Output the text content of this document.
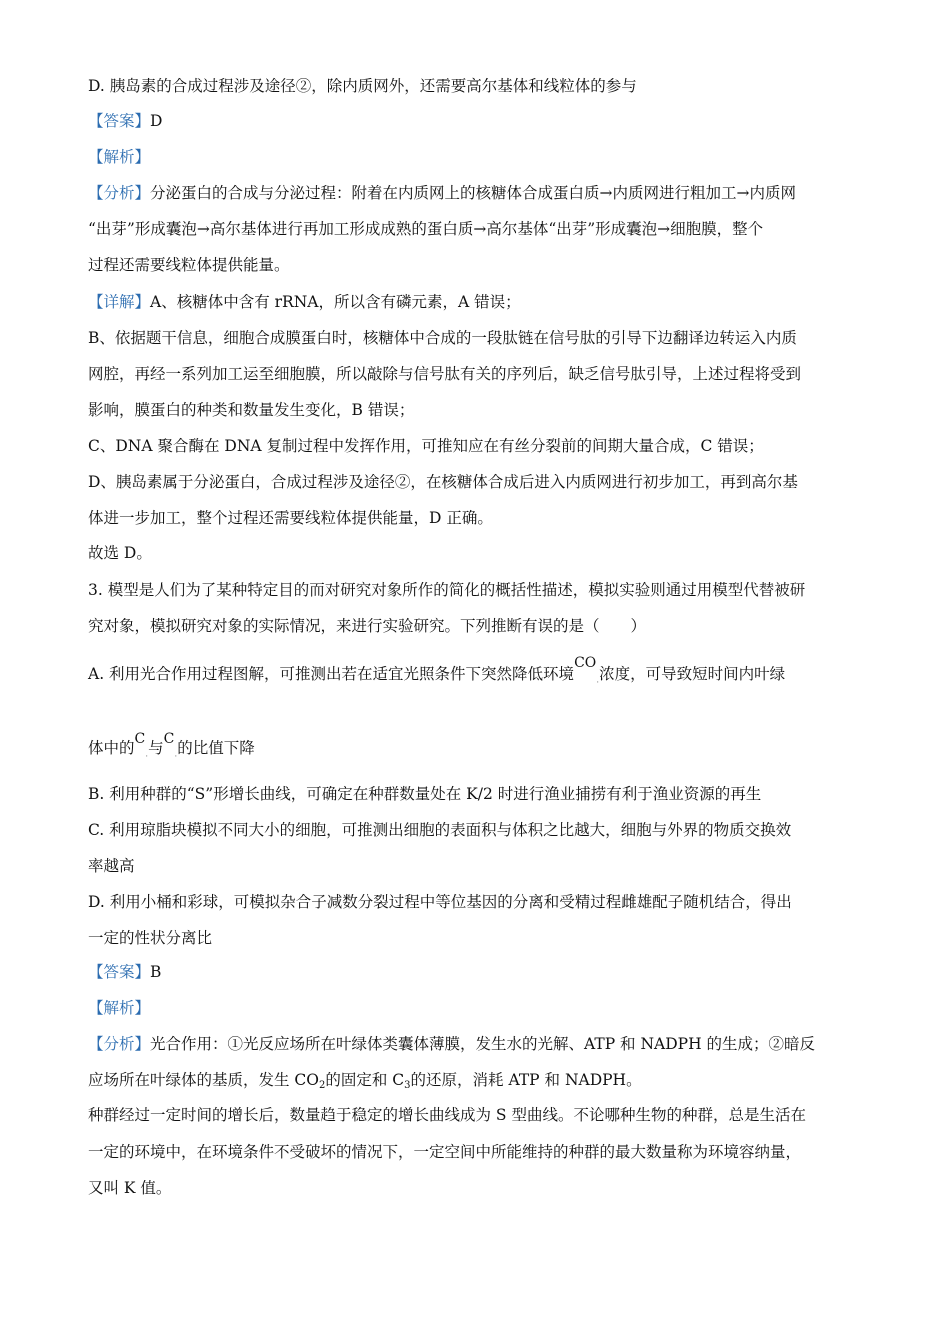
D. 胰岛素的合成过程涉及途径②，除内质网外，还需要高尔基体和线粒体的参与
【答案】D
【解析】
【分析】分泌蛋白的合成与分泌过程：附着在内质网上的核糖体合成蛋白质→内质网进行粗加工→内质网
“出芽”形成囊泡→高尔基体进行再加工形成成熟的蛋白质→高尔基体“出芽”形成囊泡→细胞膜，整个
过程还需要线粒体提供能量。
【详解】A、核糖体中含有 rRNA，所以含有磷元素，A 错误；
B、依据题干信息，细胞合成膜蛋白时，核糖体中合成的一段肽链在信号肽的引导下边翻译边转运入内质
网腔，再经一系列加工运至细胞膜，所以敲除与信号肽有关的序列后，缺乏信号肽引导，上述过程将受到
影响，膜蛋白的种类和数量发生变化，B 错误；
C、DNA 聚合酶在 DNA 复制过程中发挥作用，可推知应在有丝分裂前的间期大量合成，C 错误；
D、胰岛素属于分泌蛋白，合成过程涉及途径②，在核糖体合成后进入内质网进行初步加工，再到高尔基
体进一步加工，整个过程还需要线粒体提供能量，D 正确。
故选 D。
3. 模型是人们为了某种特定目的而对研究对象所作的简化的概括性描述，模拟实验则通过用模型代替被研
究对象，模拟研究对象的实际情况，来进行实验研究。下列推断有误的是（　　）
A. 利用光合作用过程图解，可推测出若在适宜光照条件下突然降低环境$CO_\cdot$浓度，可导致短时间内叶绿
体中的$C_\cdot$与$C_\cdot$的比值下降
B. 利用种群的“S”形增长曲线，可确定在种群数量处在 K/2 时进行渔业捕捞有利于渔业资源的再生
C. 利用琼脂块模拟不同大小的细胞，可推测出细胞的表面积与体积之比越大，细胞与外界的物质交换效
率越高
D. 利用小桶和彩球，可模拟杂合子减数分裂过程中等位基因的分离和受精过程雌雄配子随机结合，得出
一定的性状分离比
【答案】B
【解析】
【分析】光合作用：①光反应场所在叶绿体类囊体薄膜，发生水的光解、ATP 和 NADPH 的生成；②暗反
应场所在叶绿体的基质，发生 $CO_2$的固定和 $C_3$的还原，消耗 ATP 和 NADPH。
种群经过一定时间的增长后，数量趋于稳定的增长曲线成为 S 型曲线。不论哪种生物的种群，总是生活在
一定的环境中，在环境条件不受破坏的情况下，一定空间中所能维持的种群的最大数量称为环境容纳量，
又叫 K 值。
